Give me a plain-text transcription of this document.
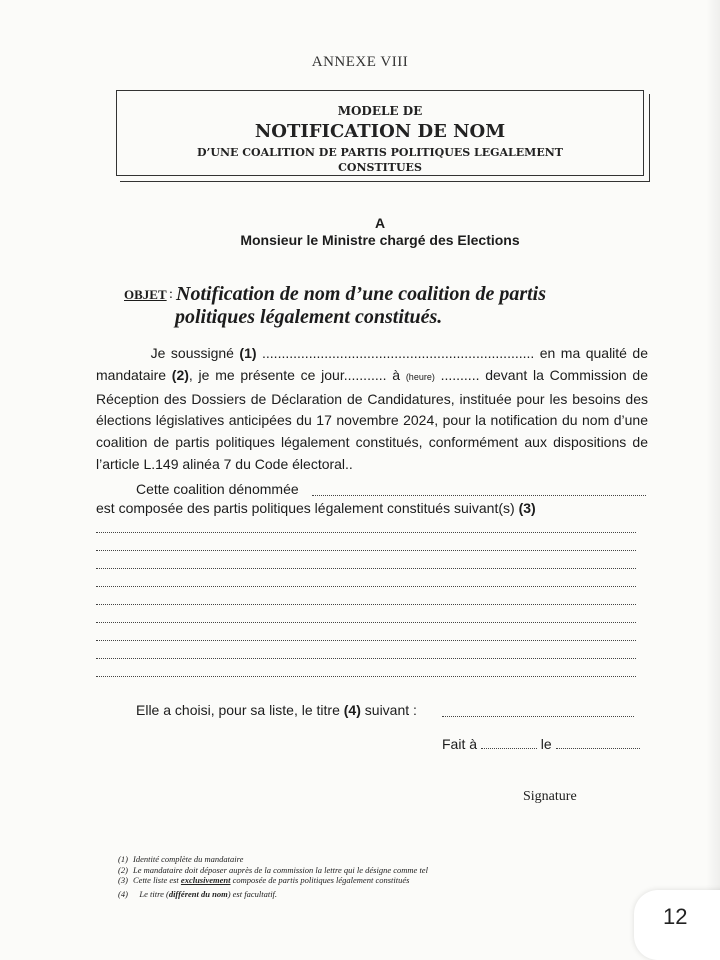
ANNEXE VIII
MODELE DE
NOTIFICATION DE NOM
D’UNE COALITION DE PARTIS POLITIQUES LEGALEMENT
CONSTITUES
A
Monsieur le Ministre chargé des Elections
OBJET : Notification de nom d’une coalition de partis
politiques légalement constitués.

Je soussigné (1) ...................................................................... en ma qualité de mandataire (2), je me présente ce jour........... à (heure) .......... devant la Commission de Réception des Dossiers de Déclaration de Candidatures, instituée pour les besoins des élections législatives anticipées du 17 novembre 2024, pour la notification du nom d’une coalition de partis politiques légalement constitués, conformément aux dispositions de l’article L.149 alinéa 7 du Code électoral..

Cette coalition dénommée
est composée des partis politiques légalement constitués suivant(s) (3)
Elle a choisi, pour sa liste, le titre (4) suivant :
Fait à	le
Signature
(1) Identité complète du mandataire
(2) Le mandataire doit déposer auprès de la commission la lettre qui le désigne comme tel
(3) Cette liste est exclusivement composée de partis politiques légalement constitués
(4) Le titre (différent du nom) est facultatif.
12
